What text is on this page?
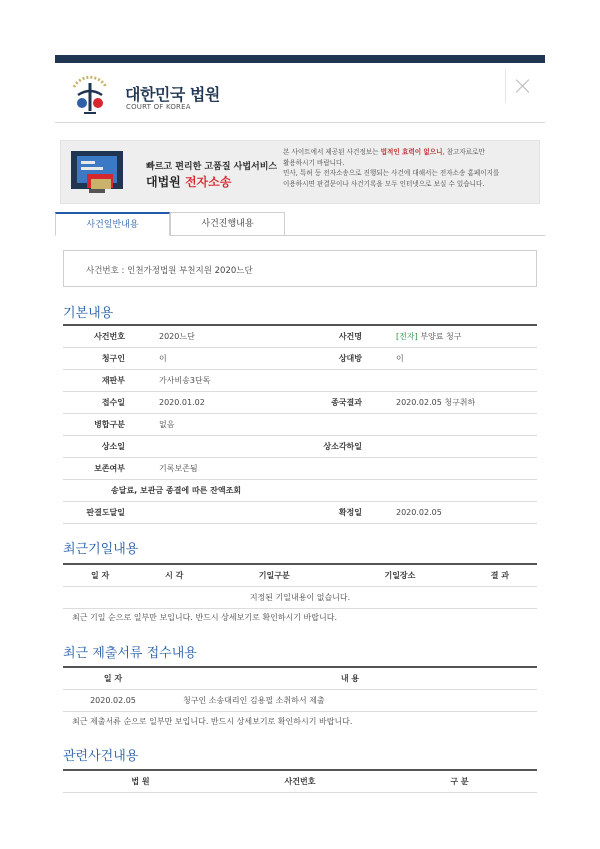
대한민국 법원
COURT OF KOREA
빠르고 편리한 고품질 사법서비스
대법원 전자소송
본 사이트에서 제공된 사건정보는 법적인 효력이 없으니, 참고자료로만
활용하시기 바랍니다.
민사, 특허 등 전자소송으로 진행되는 사건에 대해서는 전자소송 홈페이지를
이용하시면 판결문이나 사건기록을 모두 인터넷으로 보실 수 있습니다.
사건일반내용	사건진행내용
사건번호 : 인천가정법원 부천지원 2020느단
기본내용
사건번호	2020느단	사건명	[전자] 부양료 청구
청구인	이	상대방	이
재판부	가사비송3단독		
접수일	2020.01.02	종국결과	2020.02.05 청구취하
병합구분	없음		
상소일		상소각하일	
보존여부	기록보존됨		
송달료, 보관금 종결에 따른 잔액조회			
판결도달일		확정일	2020.02.05
최근기일내용
일 자	시 각	기일구분	기일장소	결 과
지정된 기일내용이 없습니다.
최근 기일 순으로 일부만 보입니다. 반드시 상세보기로 확인하시기 바랍니다.
최근 제출서류 접수내용
일 자	내 용
2020.02.05	청구인 소송대리인 김용필 소취하서 제출
최근 제출서류 순으로 일부만 보입니다. 반드시 상세보기로 확인하시기 바랍니다.
관련사건내용
법 원	사건번호	구 분
